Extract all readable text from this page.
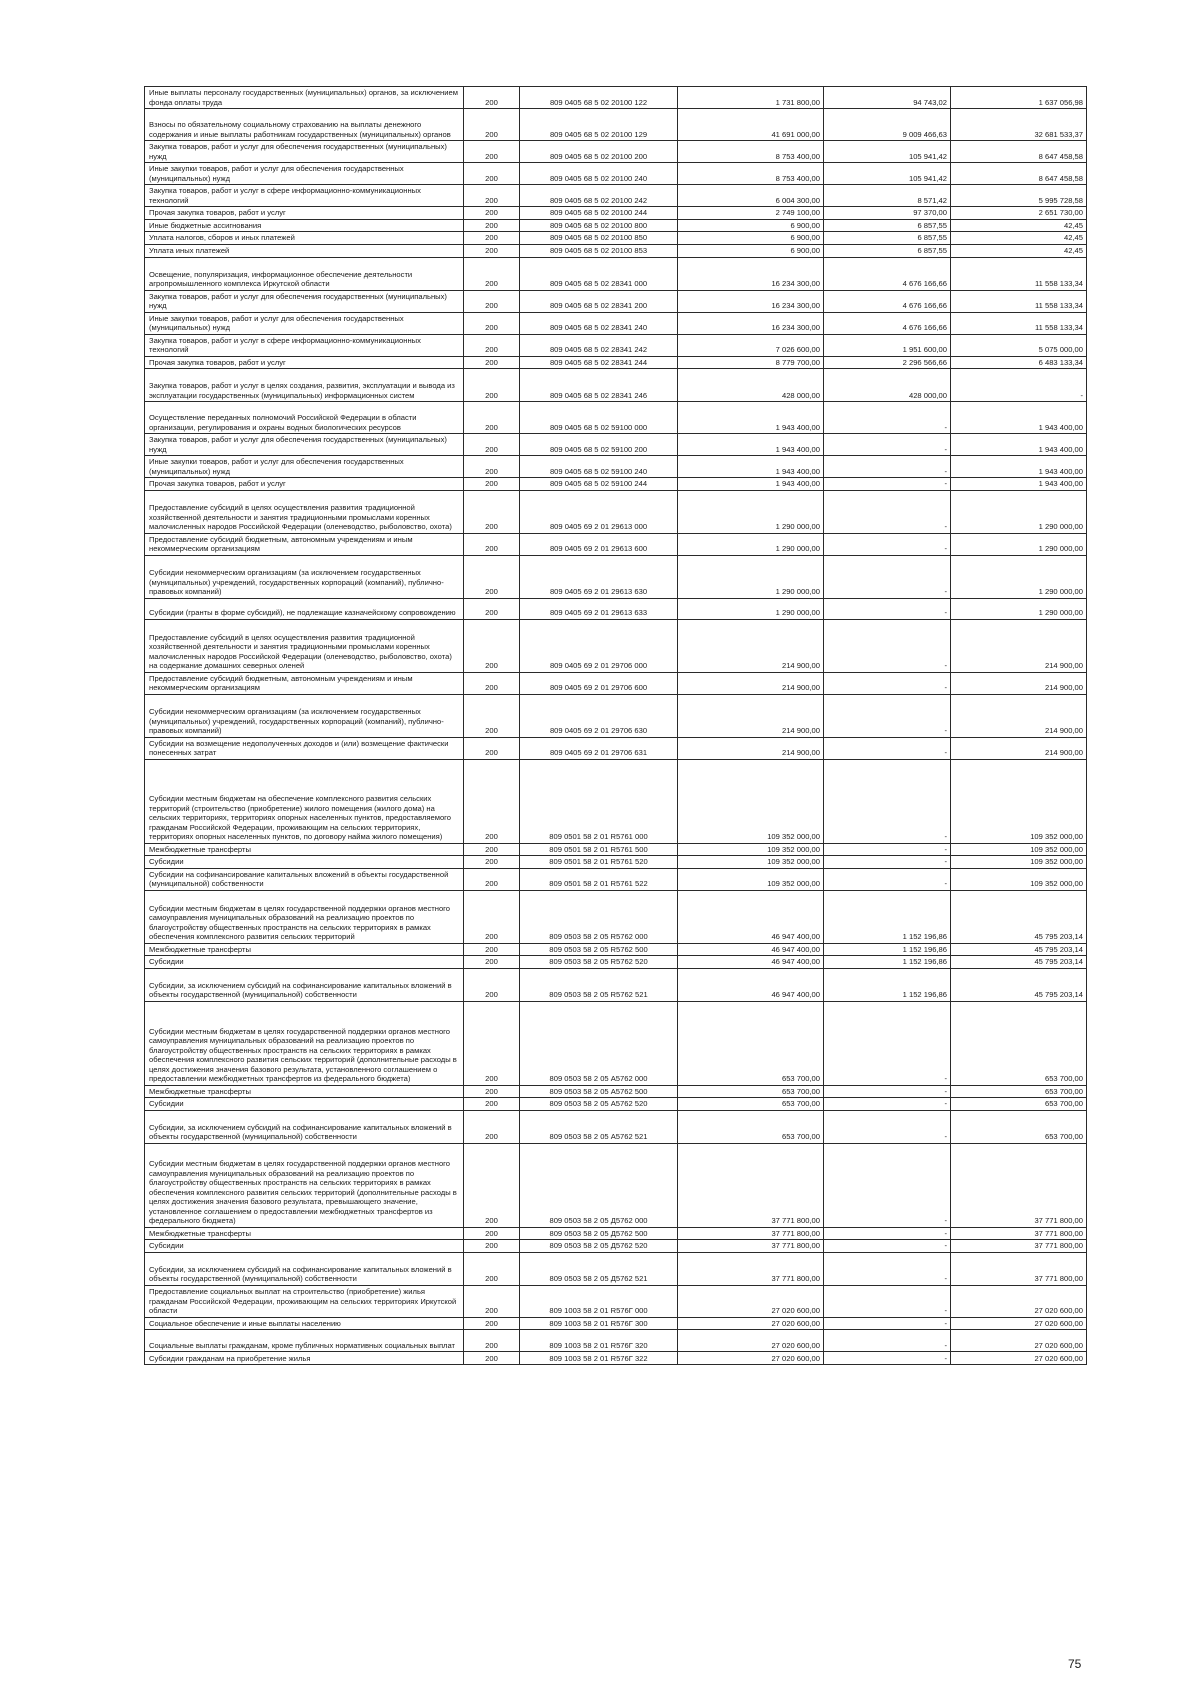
Иные выплаты персоналу государственных (муниципальных) органов, за исключением фонда оплаты труда	200	809 0405 68 5 02 20100 122	1 731 800,00	94 743,02	1 637 056,98
Взносы по обязательному социальному страхованию на выплаты денежного содержания и иные выплаты работникам государственных (муниципальных) органов	200	809 0405 68 5 02 20100 129	41 691 000,00	9 009 466,63	32 681 533,37
Закупка товаров, работ и услуг для обеспечения государственных (муниципальных) нужд	200	809 0405 68 5 02 20100 200	8 753 400,00	105 941,42	8 647 458,58
Иные закупки товаров, работ и услуг для обеспечения государственных (муниципальных) нужд	200	809 0405 68 5 02 20100 240	8 753 400,00	105 941,42	8 647 458,58
Закупка товаров, работ и услуг в сфере информационно-коммуникационных технологий	200	809 0405 68 5 02 20100 242	6 004 300,00	8 571,42	5 995 728,58
Прочая закупка товаров, работ и услуг	200	809 0405 68 5 02 20100 244	2 749 100,00	97 370,00	2 651 730,00
Иные бюджетные ассигнования	200	809 0405 68 5 02 20100 800	6 900,00	6 857,55	42,45
Уплата налогов, сборов и иных платежей	200	809 0405 68 5 02 20100 850	6 900,00	6 857,55	42,45
Уплата иных платежей	200	809 0405 68 5 02 20100 853	6 900,00	6 857,55	42,45
Освещение, популяризация, информационное обеспечение деятельности агропромышленного комплекса Иркутской области	200	809 0405 68 5 02 28341 000	16 234 300,00	4 676 166,66	11 558 133,34
Закупка товаров, работ и услуг для обеспечения государственных (муниципальных) нужд	200	809 0405 68 5 02 28341 200	16 234 300,00	4 676 166,66	11 558 133,34
Иные закупки товаров, работ и услуг для обеспечения государственных (муниципальных) нужд	200	809 0405 68 5 02 28341 240	16 234 300,00	4 676 166,66	11 558 133,34
Закупка товаров, работ и услуг в сфере информационно-коммуникационных технологий	200	809 0405 68 5 02 28341 242	7 026 600,00	1 951 600,00	5 075 000,00
Прочая закупка товаров, работ и услуг	200	809 0405 68 5 02 28341 244	8 779 700,00	2 296 566,66	6 483 133,34
Закупка товаров, работ и услуг в целях создания, развития, эксплуатации и вывода из эксплуатации государственных (муниципальных) информационных систем	200	809 0405 68 5 02 28341 246	428 000,00	428 000,00	-
Осуществление переданных полномочий Российской Федерации в области организации, регулирования и охраны водных биологических ресурсов	200	809 0405 68 5 02 59100 000	1 943 400,00	-	1 943 400,00
Закупка товаров, работ и услуг для обеспечения государственных (муниципальных) нужд	200	809 0405 68 5 02 59100 200	1 943 400,00	-	1 943 400,00
Иные закупки товаров, работ и услуг для обеспечения государственных (муниципальных) нужд	200	809 0405 68 5 02 59100 240	1 943 400,00	-	1 943 400,00
Прочая закупка товаров, работ и услуг	200	809 0405 68 5 02 59100 244	1 943 400,00	-	1 943 400,00
Предоставление субсидий в целях осуществления развития традиционной хозяйственной деятельности и занятия традиционными промыслами коренных малочисленных народов Российской Федерации (оленеводство, рыболовство, охота)	200	809 0405 69 2 01 29613 000	1 290 000,00	-	1 290 000,00
Предоставление субсидий бюджетным, автономным учреждениям и иным некоммерческим организациям	200	809 0405 69 2 01 29613 600	1 290 000,00	-	1 290 000,00
Субсидии некоммерческим организациям (за исключением государственных (муниципальных) учреждений, государственных корпораций (компаний), публично-правовых компаний)	200	809 0405 69 2 01 29613 630	1 290 000,00	-	1 290 000,00
Субсидии (гранты в форме субсидий), не подлежащие казначейскому сопровождению	200	809 0405 69 2 01 29613 633	1 290 000,00	-	1 290 000,00
Предоставление субсидий в целях осуществления развития традиционной хозяйственной деятельности и занятия традиционными промыслами коренных малочисленных народов Российской Федерации (оленеводство, рыболовство, охота) на содержание домашних северных оленей	200	809 0405 69 2 01 29706 000	214 900,00	-	214 900,00
Предоставление субсидий бюджетным, автономным учреждениям и иным некоммерческим организациям	200	809 0405 69 2 01 29706 600	214 900,00	-	214 900,00
Субсидии некоммерческим организациям (за исключением государственных (муниципальных) учреждений, государственных корпораций (компаний), публично-правовых компаний)	200	809 0405 69 2 01 29706 630	214 900,00	-	214 900,00
Субсидии на возмещение недополученных доходов и (или) возмещение фактически понесенных затрат	200	809 0405 69 2 01 29706 631	214 900,00	-	214 900,00
Субсидии местным бюджетам на обеспечение комплексного развития сельских территорий (строительство (приобретение) жилого помещения (жилого дома) на сельских территориях, территориях опорных населенных пунктов, предоставляемого гражданам Российской Федерации, проживающим на сельских территориях, территориях опорных населенных пунктов, по договору найма жилого помещения)	200	809 0501 58 2 01 R5761 000	109 352 000,00	-	109 352 000,00
Межбюджетные трансферты	200	809 0501 58 2 01 R5761 500	109 352 000,00	-	109 352 000,00
Субсидии	200	809 0501 58 2 01 R5761 520	109 352 000,00	-	109 352 000,00
Субсидии на софинансирование капитальных вложений в объекты государственной (муниципальной) собственности	200	809 0501 58 2 01 R5761 522	109 352 000,00	-	109 352 000,00
Субсидии местным бюджетам в целях государственной поддержки органов местного самоуправления муниципальных образований на реализацию проектов по благоустройству общественных пространств на сельских территориях в рамках обеспечения комплексного развития сельских территорий	200	809 0503 58 2 05 R5762 000	46 947 400,00	1 152 196,86	45 795 203,14
Межбюджетные трансферты	200	809 0503 58 2 05 R5762 500	46 947 400,00	1 152 196,86	45 795 203,14
Субсидии	200	809 0503 58 2 05 R5762 520	46 947 400,00	1 152 196,86	45 795 203,14
Субсидии, за исключением субсидий на софинансирование капитальных вложений в объекты государственной (муниципальной) собственности	200	809 0503 58 2 05 R5762 521	46 947 400,00	1 152 196,86	45 795 203,14
Субсидии местным бюджетам в целях государственной поддержки органов местного самоуправления муниципальных образований на реализацию проектов по благоустройству общественных пространств на сельских территориях в рамках обеспечения комплексного развития сельских территорий (дополнительные расходы в целях достижения значения базового результата, установленного соглашением о предоставлении межбюджетных трансфертов из федерального бюджета)	200	809 0503 58 2 05 А5762 000	653 700,00	-	653 700,00
Межбюджетные трансферты	200	809 0503 58 2 05 А5762 500	653 700,00	-	653 700,00
Субсидии	200	809 0503 58 2 05 А5762 520	653 700,00	-	653 700,00
Субсидии, за исключением субсидий на софинансирование капитальных вложений в объекты государственной (муниципальной) собственности	200	809 0503 58 2 05 А5762 521	653 700,00	-	653 700,00
Субсидии местным бюджетам в целях государственной поддержки органов местного самоуправления муниципальных образований на реализацию проектов по благоустройству общественных пространств на сельских территориях в рамках обеспечения комплексного развития сельских территорий (дополнительные расходы в целях достижения значения базового результата, превышающего значение, установленное соглашением о предоставлении межбюджетных трансфертов из федерального бюджета)	200	809 0503 58 2 05 Д5762 000	37 771 800,00	-	37 771 800,00
Межбюджетные трансферты	200	809 0503 58 2 05 Д5762 500	37 771 800,00	-	37 771 800,00
Субсидии	200	809 0503 58 2 05 Д5762 520	37 771 800,00	-	37 771 800,00
Субсидии, за исключением субсидий на софинансирование капитальных вложений в объекты государственной (муниципальной) собственности	200	809 0503 58 2 05 Д5762 521	37 771 800,00	-	37 771 800,00
Предоставление социальных выплат на строительство (приобретение) жилья гражданам Российской Федерации, проживающим на сельских территориях Иркутской области	200	809 1003 58 2 01 R576Г 000	27 020 600,00	-	27 020 600,00
Социальное обеспечение и иные выплаты населению	200	809 1003 58 2 01 R576Г 300	27 020 600,00	-	27 020 600,00
Социальные выплаты гражданам, кроме публичных нормативных социальных выплат	200	809 1003 58 2 01 R576Г 320	27 020 600,00	-	27 020 600,00
Субсидии гражданам на приобретение жилья	200	809 1003 58 2 01 R576Г 322	27 020 600,00	-	27 020 600,00
75
